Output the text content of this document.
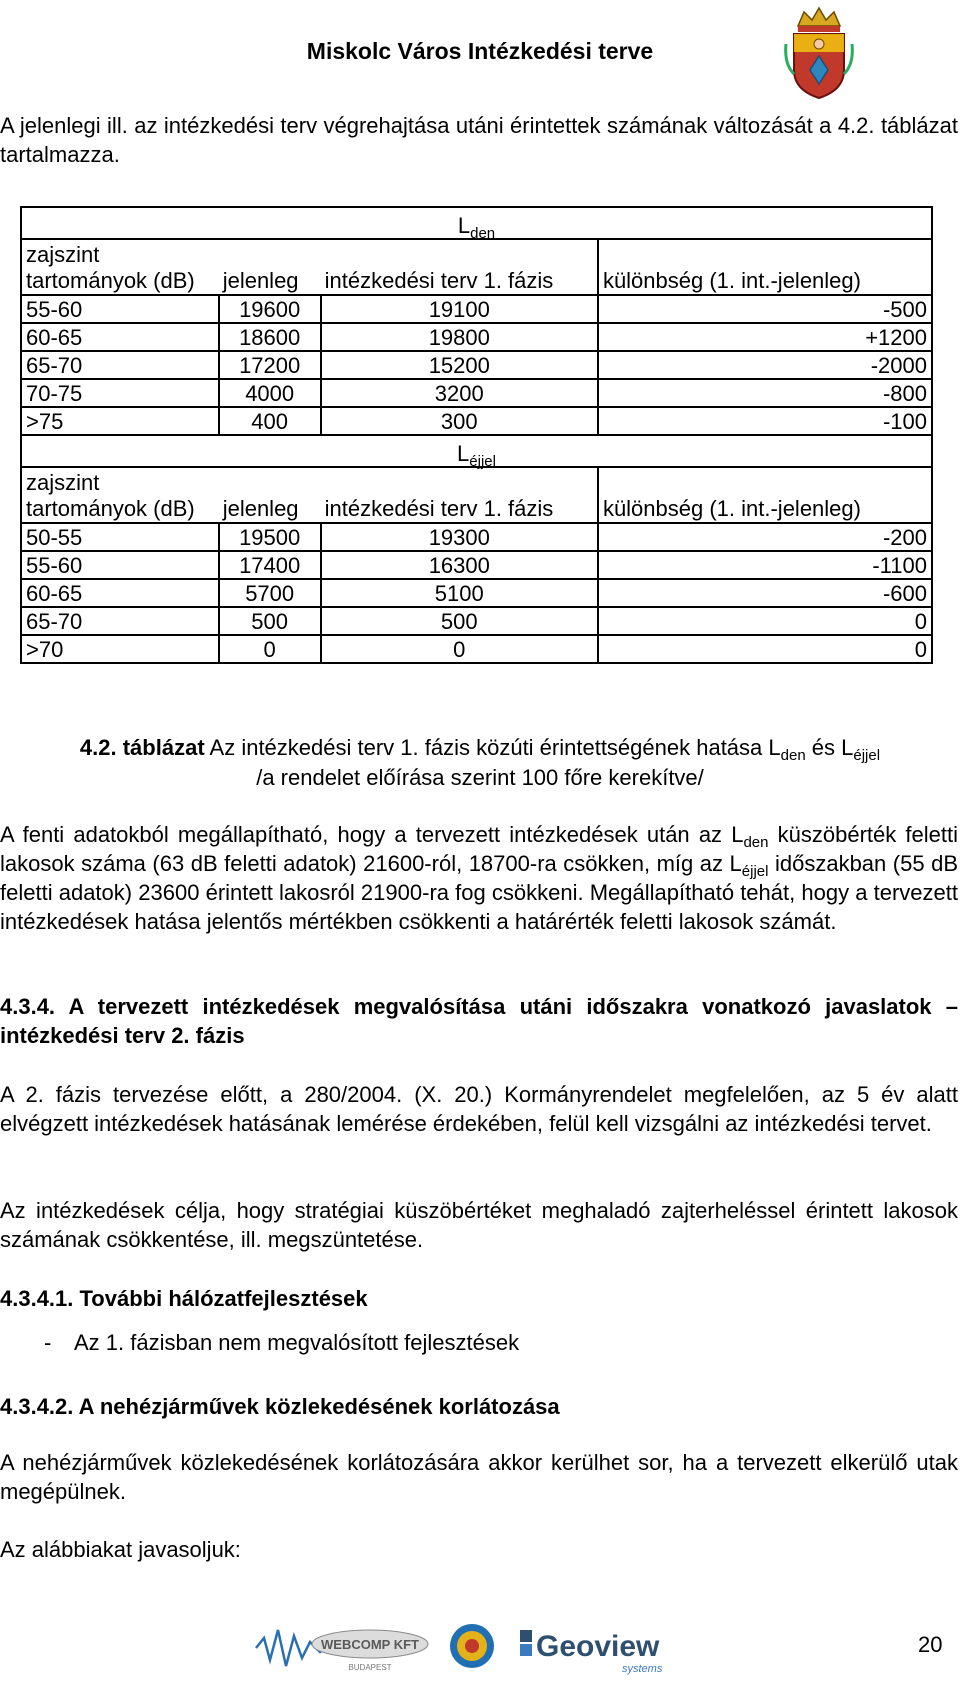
Miskolc Város Intézkedési terve

A jelenlegi ill. az intézkedési terv végrehajtása utáni érintettek számának változását a 4.2. táblázat tartalmazza.

$L_{den}$
zajszint tartományok (dB)	jelenleg	intézkedési terv 1. fázis	különbség (1. int.-jelenleg)
55-60	19600	19100	-500
60-65	18600	19800	+1200
65-70	17200	15200	-2000
70-75	4000	3200	-800
>75	400	300	-100
$L_{éjjel}$
zajszint tartományok (dB)	jelenleg	intézkedési terv 1. fázis	különbség (1. int.-jelenleg)
50-55	19500	19300	-200
55-60	17400	16300	-1100
60-65	5700	5100	-600
65-70	500	500	0
>70	0	0	0
4.2. táblázat Az intézkedési terv 1. fázis közúti érintettségének hatása $L_{den}$ és $L_{éjjel}$
/a rendelet előírása szerint 100 főre kerekítve/

A fenti adatokból megállapítható, hogy a tervezett intézkedések után az $L_{den}$ küszöbérték feletti lakosok száma (63 dB feletti adatok) 21600-ról, 18700-ra csökken, míg az $L_{éjjel}$ időszakban (55 dB feletti adatok) 23600 érintett lakosról 21900-ra fog csökkeni. Megállapítható tehát, hogy a tervezett intézkedések hatása jelentős mértékben csökkenti a határérték feletti lakosok számát.

4.3.4. A tervezett intézkedések megvalósítása utáni időszakra vonatkozó javaslatok – intézkedési terv 2. fázis

A 2. fázis tervezése előtt, a 280/2004. (X. 20.) Kormányrendelet megfelelően, az 5 év alatt elvégzett intézkedések hatásának lemérése érdekében, felül kell vizsgálni az intézkedési tervet.

Az intézkedések célja, hogy stratégiai küszöbértéket meghaladó zajterheléssel érintett lakosok számának csökkentése, ill. megszüntetése.

4.3.4.1. További hálózatfejlesztések

- Az 1. fázisban nem megvalósított fejlesztések

4.3.4.2. A nehézjárművek közlekedésének korlátozása

A nehézjárművek közlekedésének korlátozására akkor kerülhet sor, ha a tervezett elkerülő utak megépülnek.

Az alábbiakat javasoljuk:

WEBCOMP KFT
BUDAPEST
Geoview
systems
20
